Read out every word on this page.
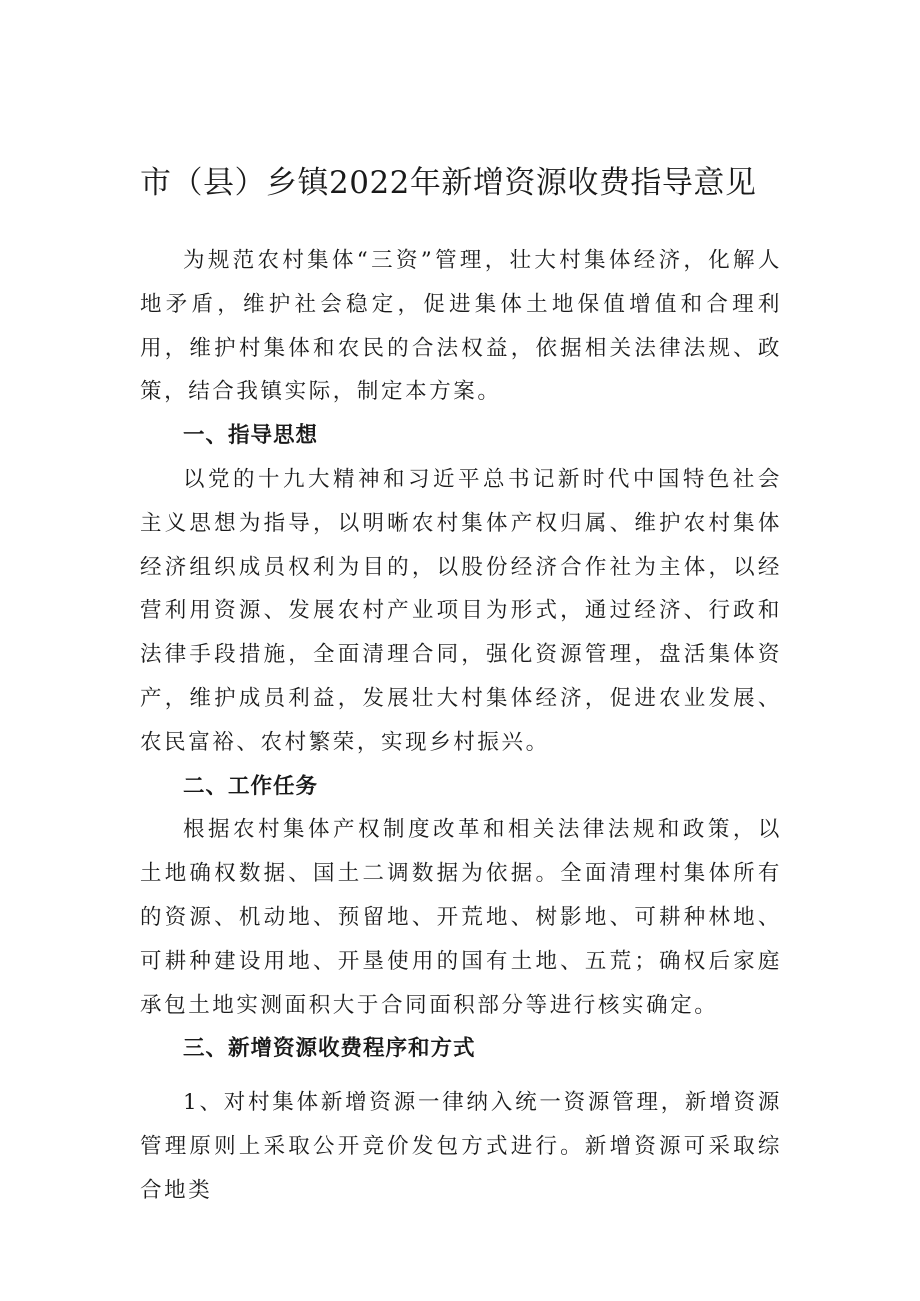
市（县）乡镇2022年新增资源收费指导意见

为规范农村集体“三资”管理，壮大村集体经济，化解人地矛盾，维护社会稳定，促进集体土地保值增值和合理利用，维护村集体和农民的合法权益，依据相关法律法规、政策，结合我镇实际，制定本方案。

一、指导思想

以党的十九大精神和习近平总书记新时代中国特色社会主义思想为指导，以明晰农村集体产权归属、维护农村集体经济组织成员权利为目的，以股份经济合作社为主体，以经营利用资源、发展农村产业项目为形式，通过经济、行政和法律手段措施，全面清理合同，强化资源管理，盘活集体资产，维护成员利益，发展壮大村集体经济，促进农业发展、农民富裕、农村繁荣，实现乡村振兴。

二、工作任务

根据农村集体产权制度改革和相关法律法规和政策，以土地确权数据、国土二调数据为依据。全面清理村集体所有的资源、机动地、预留地、开荒地、树影地、可耕种林地、可耕种建设用地、开垦使用的国有土地、五荒；确权后家庭承包土地实测面积大于合同面积部分等进行核实确定。

三、新增资源收费程序和方式

1、对村集体新增资源一律纳入统一资源管理，新增资源管理原则上采取公开竞价发包方式进行。新增资源可采取综合地类
